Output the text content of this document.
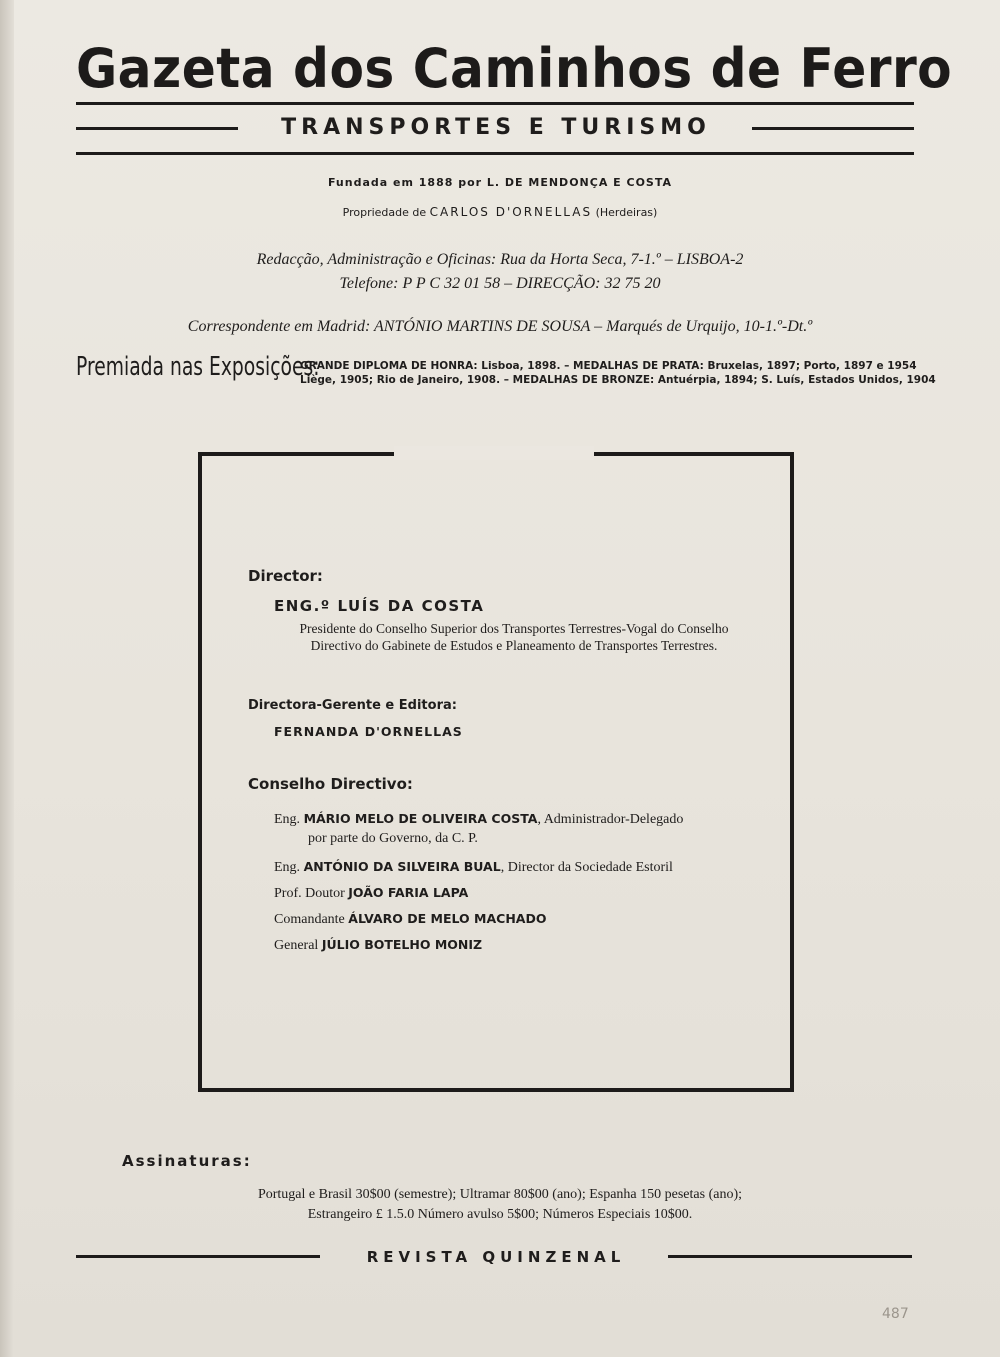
Gazeta dos Caminhos de Ferro
TRANSPORTES E TURISMO
Fundada em 1888 por L. DE MENDONÇA E COSTA
Propriedade de CARLOS D'ORNELLAS (Herdeiras)
Redacção, Administração e Oficinas: Rua da Horta Seca, 7-1.º – LISBOA-2
Telefone: P P C 32 01 58 – DIRECÇÃO: 32 75 20
Correspondente em Madrid: ANTÓNIO MARTINS DE SOUSA – Marqués de Urquijo, 10-1.º-Dt.º
Premiada nas Exposições:
GRANDE DIPLOMA DE HONRA: Lisboa, 1898. – MEDALHAS DE PRATA: Bruxelas, 1897; Porto, 1897 e 1954
Liège, 1905; Rio de Janeiro, 1908. – MEDALHAS DE BRONZE: Antuérpia, 1894; S. Luís, Estados Unidos, 1904
Director:
ENG.º LUÍS DA COSTA
Presidente do Conselho Superior dos Transportes Terrestres-Vogal do Conselho Directivo do Gabinete de Estudos e Planeamento de Transportes Terrestres.
Directora-Gerente e Editora:
FERNANDA D'ORNELLAS
Conselho Directivo:
Eng. MÁRIO MELO DE OLIVEIRA COSTA, Administrador-Delegado
por parte do Governo, da C. P.
Eng. ANTÓNIO DA SILVEIRA BUAL, Director da Sociedade Estoril
Prof. Doutor JOÃO FARIA LAPA
Comandante ÁLVARO DE MELO MACHADO
General JÚLIO BOTELHO MONIZ
Assinaturas:
Portugal e Brasil 30$00 (semestre); Ultramar 80$00 (ano); Espanha 150 pesetas (ano);
Estrangeiro £ 1.5.0 Número avulso 5$00; Números Especiais 10$00.
REVISTA QUINZENAL
487
